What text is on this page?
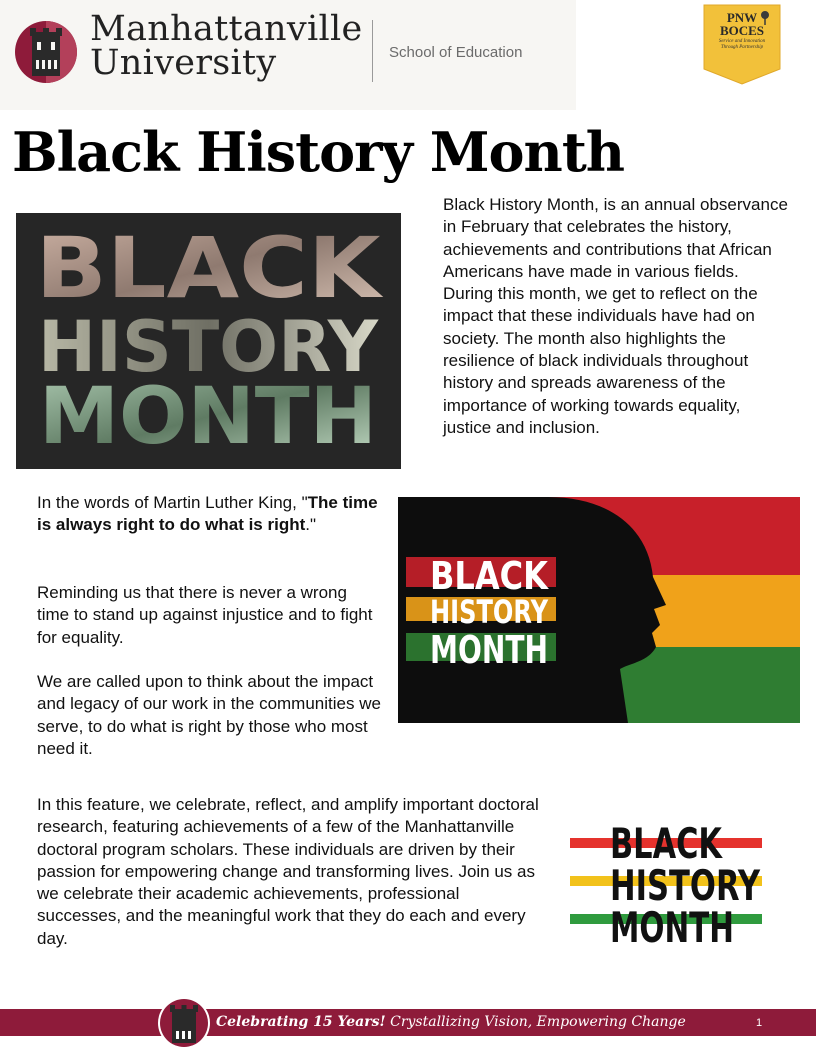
Manhattanville
University	School of Education
PNW
BOCES
Service and Innovation
Through Partnership
Black History Month
BLACK
HISTORY
MONTH

Black History Month, is an annual observance in February that celebrates the history, achievements and contributions that African Americans have made in various fields. During this month, we get to reflect on the impact that these individuals have had on society. The month also highlights the resilience of black individuals throughout history and spreads awareness of the importance of working towards equality, justice and inclusion.

In the words of Martin Luther King, "The time is always right to do what is right."

Reminding us that there is never a wrong time to stand up against injustice and to fight for equality.

We are called upon to think about the impact and legacy of our work in the communities we serve, to do what is right by those who most need it.

BLACK
HISTORY
MONTH

In this feature, we celebrate, reflect, and amplify important doctoral research, featuring achievements of a few of the Manhattanville doctoral program scholars. These individuals are driven by their passion for empowering change and transforming lives. Join us as we celebrate their academic achievements, professional successes, and the meaningful work that they do each and every day.

BLACK
HISTORY
MONTH
Celebrating 15 Years! Crystallizing Vision, Empowering Change	1
